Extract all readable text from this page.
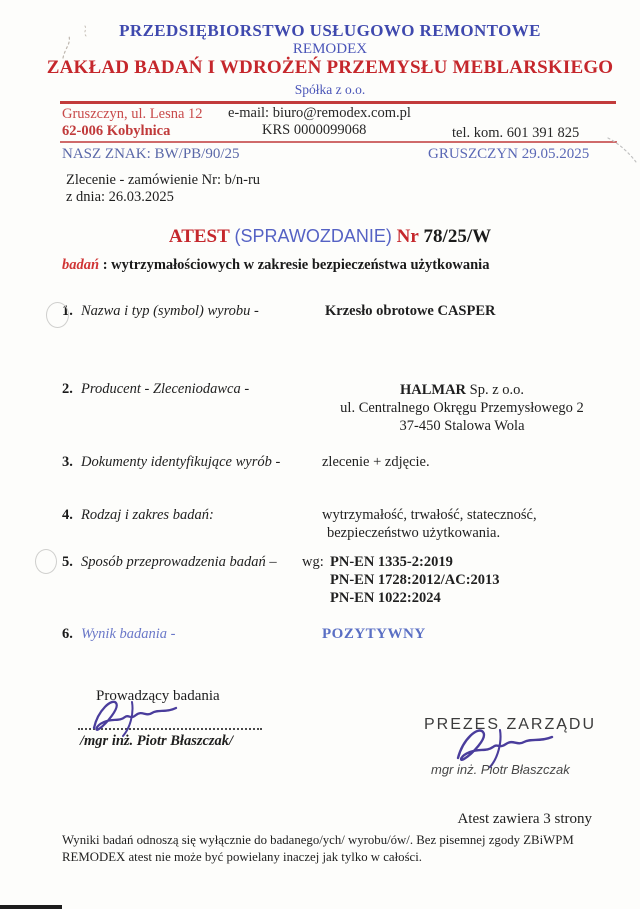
PRZEDSIĘBIORSTWO USŁUGOWO REMONTOWE
REMODEX
ZAKŁAD BADAŃ I WDROŻEŃ PRZEMYSŁU MEBLARSKIEGO
Spółka z o.o.
Gruszczyn, ul. Lesna 12
62-006 Kobylnica
e-mail: biuro@remodex.com.pl
KRS 0000099068	tel. kom. 601 391 825
NASZ ZNAK: BW/PB/90/25	GRUSZCZYN 29.05.2025
Zlecenie - zamówienie Nr: b/n-ru
z dnia: 26.03.2025
ATEST (SPRAWOZDANIE) Nr 78/25/W
badań : wytrzymałościowych w zakresie bezpieczeństwa użytkowania
1. Nazwa i typ (symbol) wyrobu -	Krzesło obrotowe CASPER
2. Producent - Zleceniodawca -	HALMAR Sp. z o.o.
ul. Centralnego Okręgu Przemysłowego 2
37-450 Stalowa Wola
3. Dokumenty identyfikujące wyrób -	zlecenie + zdjęcie.
4. Rodzaj i zakres badań:	wytrzymałość, trwałość, stateczność,
bezpieczeństwo użytkowania.
5. Sposób przeprowadzenia badań – wg: PN-EN 1335-2:2019
PN-EN 1728:2012/AC:2013
PN-EN 1022:2024
6. Wynik badania -	POZYTYWNY
Prowadzący badania
/mgr inż. Piotr Błaszczak/
PREZES ZARZĄDU
mgr inż. Piotr Błaszczak
Atest zawiera 3 strony
Wyniki badań odnoszą się wyłącznie do badanego/ych/ wyrobu/ów/. Bez pisemnej zgody ZBiWPM REMODEX atest nie może być powielany inaczej jak tylko w całości.
